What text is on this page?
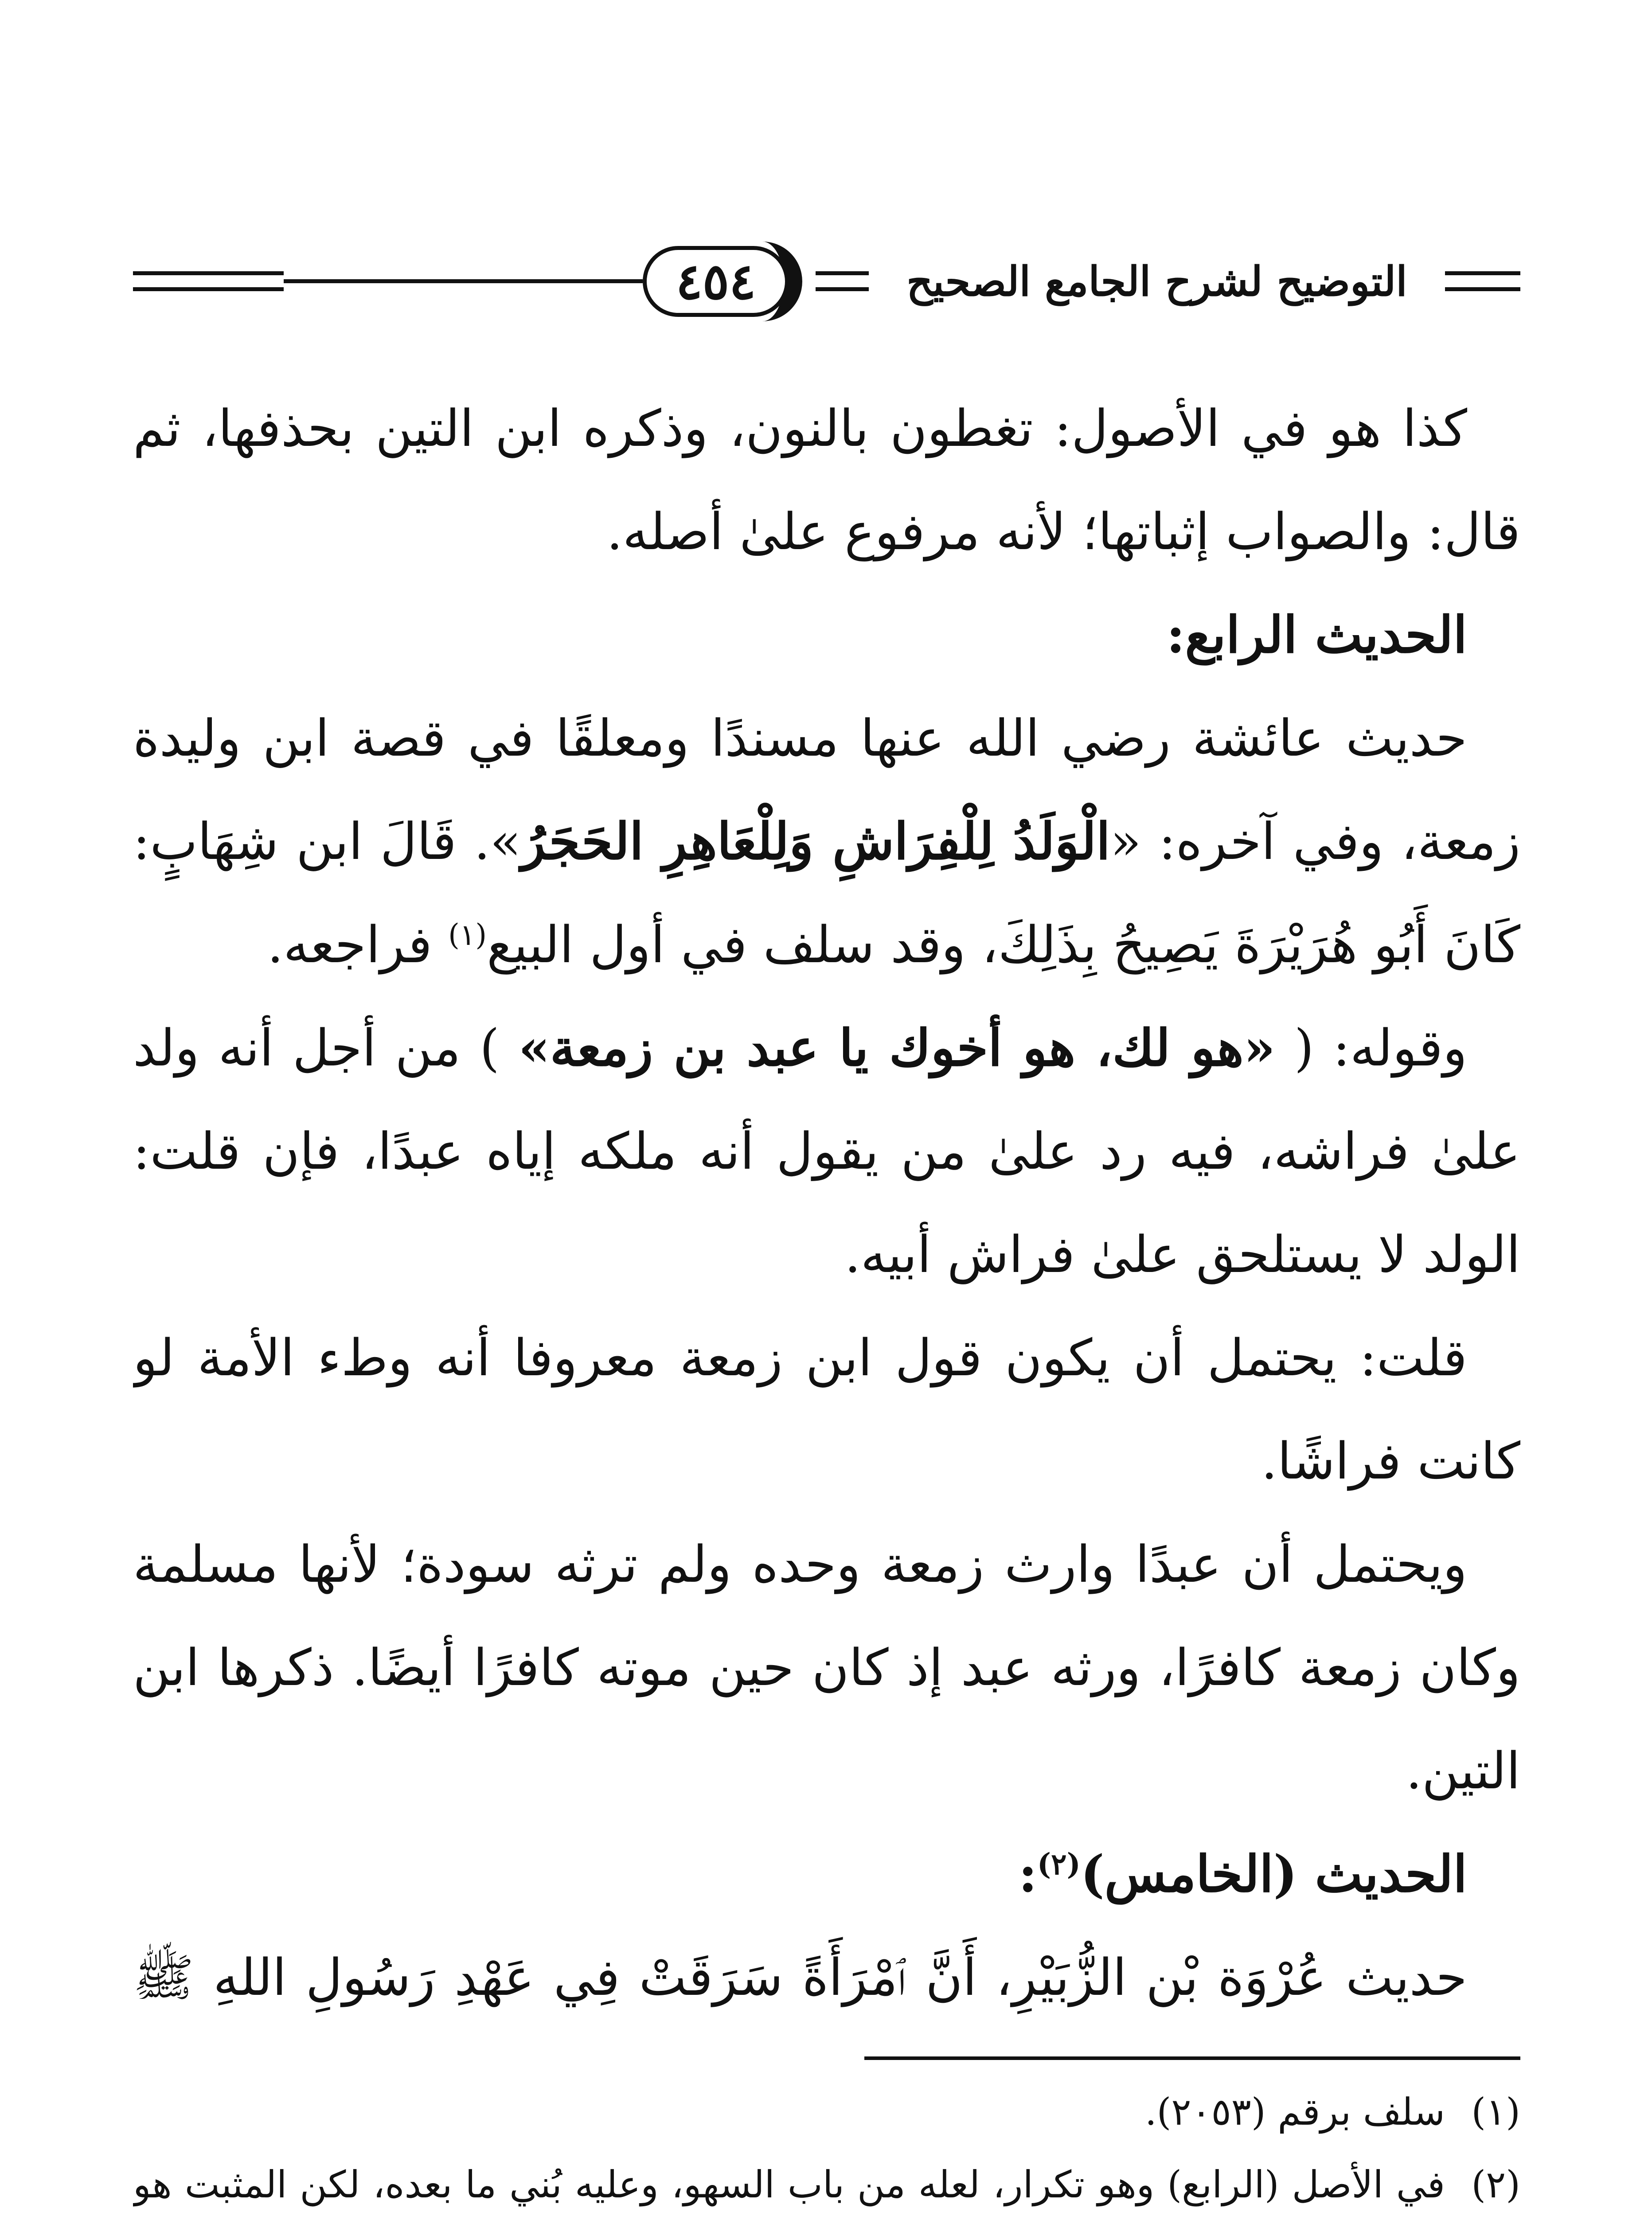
٤٥٤	التوضيح لشرح الجامع الصحيح

كذا هو في الأصول: تغطون بالنون، وذكره ابن التين بحذفها، ثم قال: والصواب إثباتها؛ لأنه مرفوع علىٰ أصله.

الحديث الرابع:

حديث عائشة رضي الله عنها مسندًا ومعلقًا في قصة ابن وليدة زمعة، وفي آخره: «الْوَلَدُ لِلْفِرَاشِ وَلِلْعَاهِرِ الحَجَرُ». قَالَ ابن شِهَابٍ: كَانَ أَبُو هُرَيْرَةَ يَصِيحُ بِذَلِكَ، وقد سلف في أول البيع$^{(١)}$ فراجعه.

وقوله: ( «هو لك، هو أخوك يا عبد بن زمعة» ) من أجل أنه ولد علىٰ فراشه، فيه رد علىٰ من يقول أنه ملكه إياه عبدًا، فإن قلت: الولد لا يستلحق علىٰ فراش أبيه.

قلت: يحتمل أن يكون قول ابن زمعة معروفا أنه وطء الأمة لو كانت فراشًا.

ويحتمل أن عبدًا وارث زمعة وحده ولم ترثه سودة؛ لأنها مسلمة وكان زمعة كافرًا، ورثه عبد إذ كان حين موته كافرًا أيضًا. ذكرها ابن التين.

الحديث (الخامس)$^{(٢)}$:

حديث عُرْوَة بْن الزُّبَيْرِ، أَنَّ ٱمْرَأَةً سَرَقَتْ فِي عَهْدِ رَسُولِ اللهِ ﷺ

(١)
سلف برقم (٢٠٥٣).
(٢)
في الأصل (الرابع) وهو تكرار، لعله من باب السهو، وعليه بُني ما بعده، لكن المثبت هو
